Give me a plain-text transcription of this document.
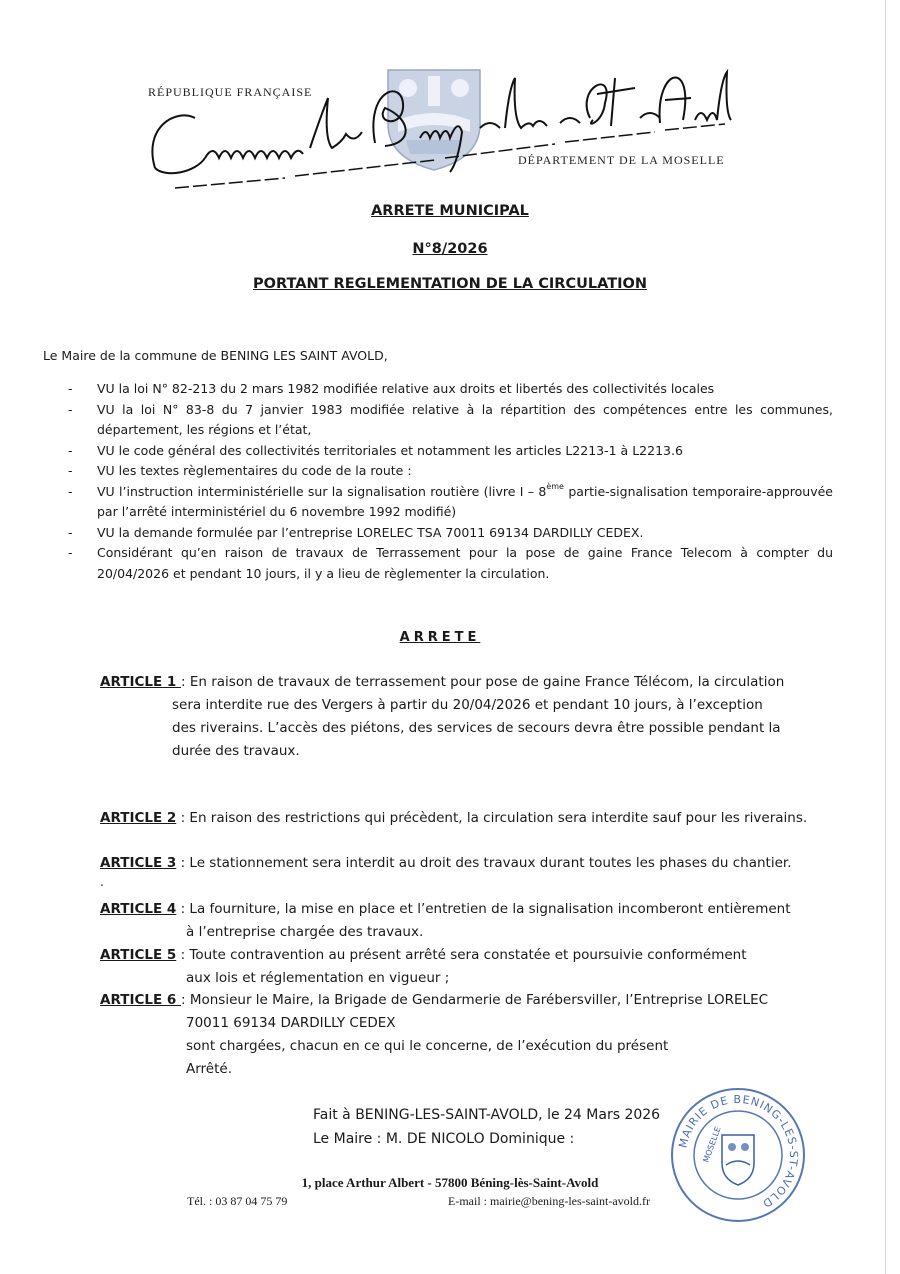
RÉPUBLIQUE FRANÇAISE
DÉPARTEMENT DE LA MOSELLE
ARRETE MUNICIPAL
N°8/2026
PORTANT REGLEMENTATION DE LA CIRCULATION
Le Maire de la commune de BENING LES SAINT AVOLD,
- VU la loi N° 82-213 du 2 mars 1982 modifiée relative aux droits et libertés des collectivités locales
- VU la loi N° 83-8 du 7 janvier 1983 modifiée relative à la répartition des compétences entre les communes, département, les régions et l’état,
- VU le code général des collectivités territoriales et notamment les articles L2213-1 à L2213.6
- VU les textes règlementaires du code de la route :
- VU l’instruction interministérielle sur la signalisation routière (livre I – 8ème partie-signalisation temporaire-approuvée par l’arrêté interministériel du 6 novembre 1992 modifié)
- VU la demande formulée par l’entreprise LORELEC TSA 70011 69134 DARDILLY CEDEX.
- Considérant qu’en raison de travaux de Terrassement pour la pose de gaine France Telecom à compter du 20/04/2026 et pendant 10 jours, il y a lieu de règlementer la circulation.
ARRETE
ARTICLE 1 : En raison de travaux de terrassement pour pose de gaine France Télécom, la circulation
sera interdite rue des Vergers à partir du 20/04/2026 et pendant 10 jours, à l’exception
des riverains. L’accès des piétons, des services de secours devra être possible pendant la
durée des travaux.
ARTICLE 2 : En raison des restrictions qui précèdent, la circulation sera interdite sauf pour les riverains.
ARTICLE 3 : Le stationnement sera interdit au droit des travaux durant toutes les phases du chantier.
.
ARTICLE 4 : La fourniture, la mise en place et l’entretien de la signalisation incomberont entièrement
à l’entreprise chargée des travaux.
ARTICLE 5 : Toute contravention au présent arrêté sera constatée et poursuivie conformément
aux lois et réglementation en vigueur ;
ARTICLE 6 : Monsieur le Maire, la Brigade de Gendarmerie de Farébersviller, l’Entreprise LORELEC
70011 69134 DARDILLY CEDEX
sont chargées, chacun en ce qui le concerne, de l’exécution du présent
Arrêté.
Fait à BENING-LES-SAINT-AVOLD, le 24 Mars 2026
Le Maire : M. DE NICOLO Dominique :	MAIRIE DE BENING-LES-ST-AVOLD
MOSELLE
1, place Arthur Albert - 57800 Béning-lès-Saint-Avold
Tél. : 03 87 04 75 79	E-mail : mairie@bening-les-saint-avold.fr
